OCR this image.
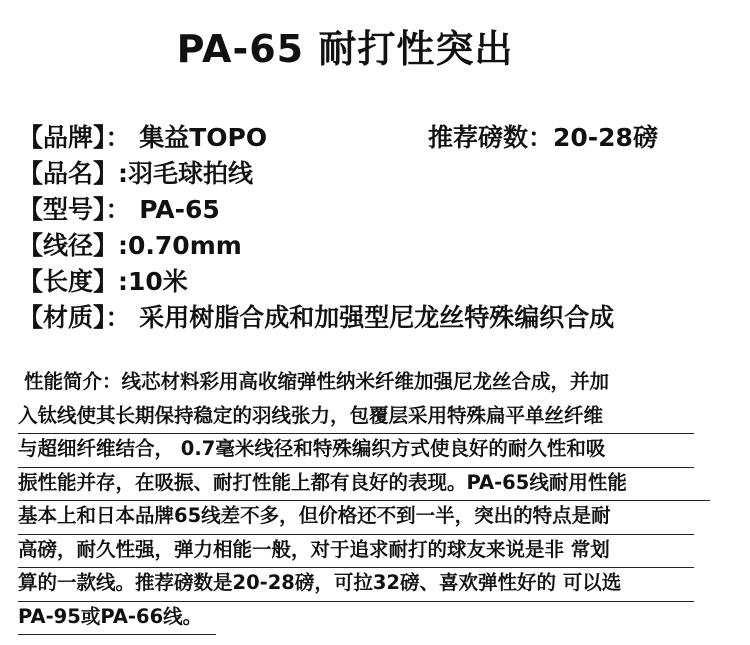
PA-65 耐打性突出
【品牌】： 集益TOPO	推荐磅数：20-28磅
【品名】:羽毛球拍线
【型号】： PA-65
【线径】:0.70mm
【长度】:10米
【材质】： 采用树脂合成和加强型尼龙丝特殊编织合成
性能简介：线芯材料彩用高收缩弹性纳米纤维加强尼龙丝合成，并加
入钛线使其长期保持稳定的羽线张力，包覆层采用特殊扁平单丝纤维
与超细纤维结合， 0.7毫米线径和特殊编织方式使良好的耐久性和吸
振性能并存，在吸振、耐打性能上都有良好的表现。PA-65线耐用性能
基本上和日本品牌65线差不多，但价格还不到一半，突出的特点是耐
高磅，耐久性强，弹力相能一般，对于追求耐打的球友来说是非 常划
算的一款线。推荐磅数是20-28磅，可拉32磅、喜欢弹性好的 可以选
PA-95或PA-66线。
